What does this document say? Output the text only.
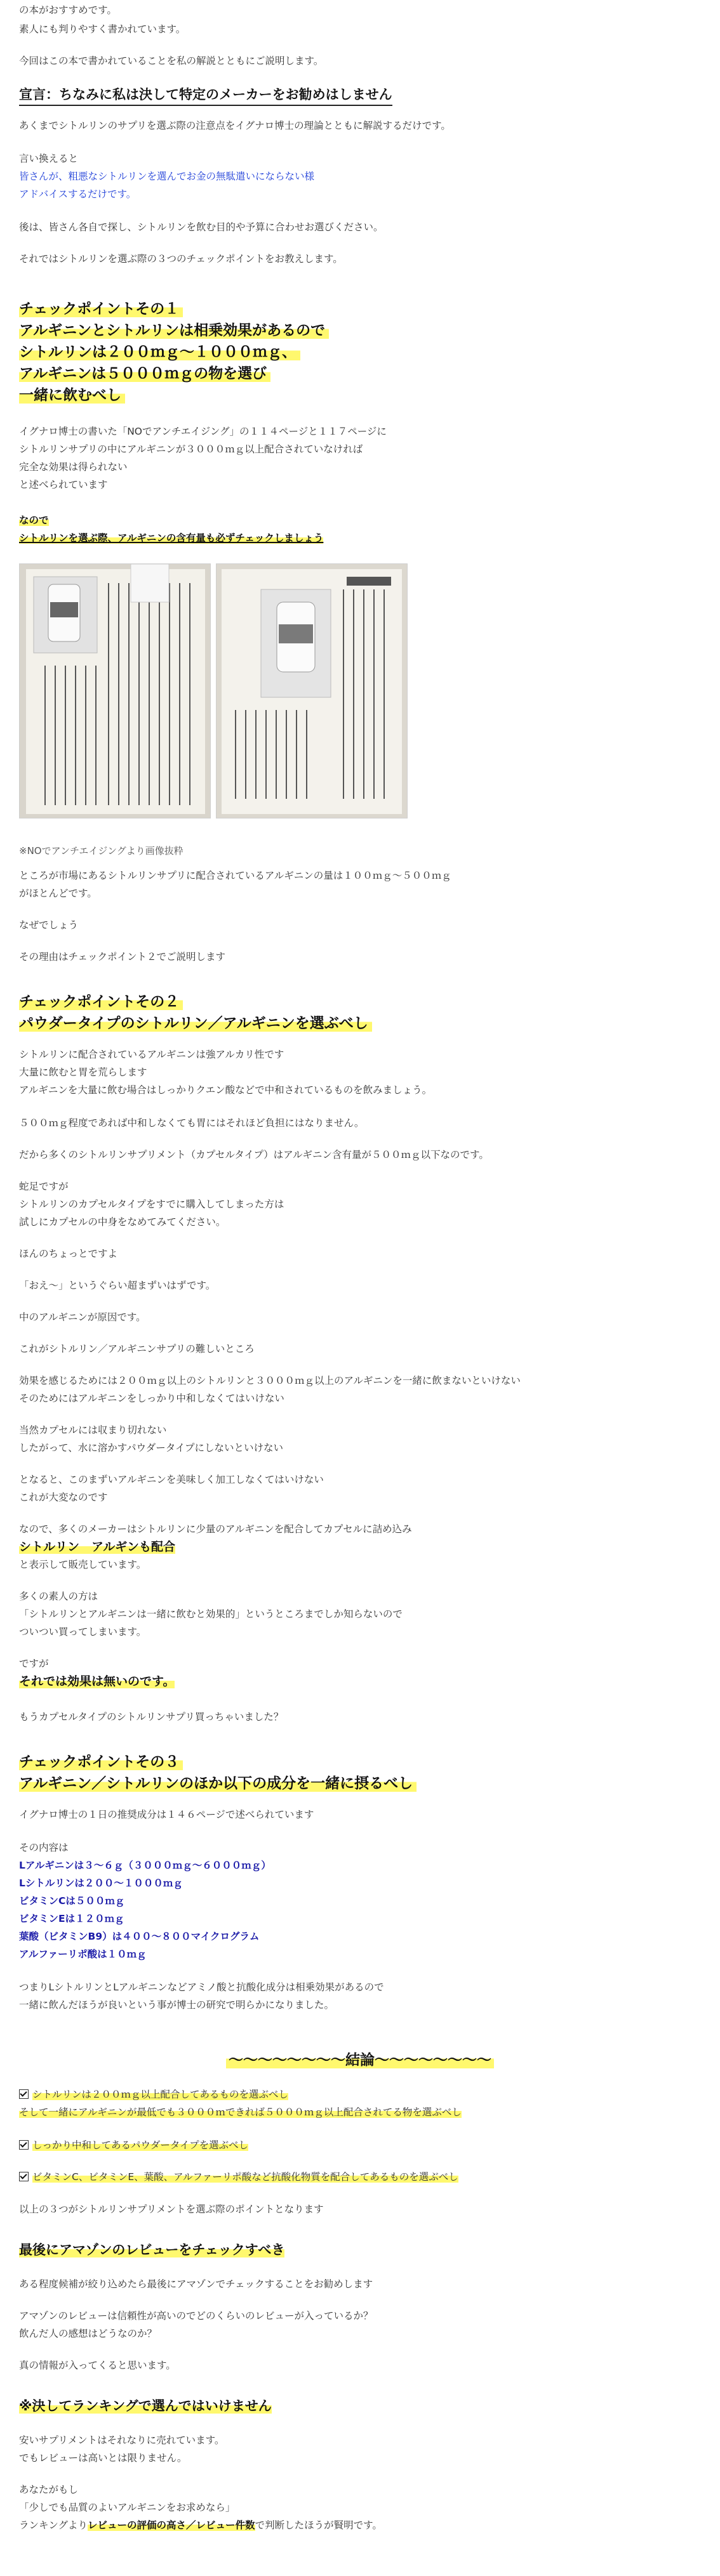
の本がおすすめです。

素人にも判りやすく書かれています。

今回はこの本で書かれていることを私の解説とともにご説明します。

宣言：ちなみに私は決して特定のメーカーをお勧めはしません

あくまでシトルリンのサプリを選ぶ際の注意点をイグナロ博士の理論とともに解説するだけです。

言い換えると

皆さんが、粗悪なシトルリンを選んでお金の無駄遣いにならない様

アドバイスするだけです。

後は、皆さん各自で探し、シトルリンを飲む目的や予算に合わせお選びください。

それではシトルリンを選ぶ際の３つのチェックポイントをお教えします。

チェックポイントその１
アルギニンとシトルリンは相乗効果があるので
シトルリンは２００ｍｇ～１０００ｍｇ、
アルギニンは５０００ｍｇの物を選び
一緒に飲むべし

イグナロ博士の書いた「NOでアンチエイジング」の１１４ページと１１７ページに

シトルリンサプリの中にアルギニンが３０００ｍｇ以上配合されていなければ

完全な効果は得られない

と述べられています

なので

シトルリンを選ぶ際、アルギニンの含有量も必ずチェックしましょう

※NOでアンチエイジングより画像抜粋

ところが市場にあるシトルリンサプリに配合されているアルギニンの量は１００ｍｇ～５００ｍｇ

がほとんどです。

なぜでしょう

その理由はチェックポイント２でご説明します

チェックポイントその２
パウダータイプのシトルリン／アルギニンを選ぶべし

シトルリンに配合されているアルギニンは強アルカリ性です

大量に飲むと胃を荒らします

アルギニンを大量に飲む場合はしっかりクエン酸などで中和されているものを飲みましょう。

５００ｍｇ程度であれば中和しなくても胃にはそれほど負担にはなりません。

だから多くのシトルリンサプリメント（カプセルタイプ）はアルギニン含有量が５００ｍｇ以下なのです。

蛇足ですが

シトルリンのカプセルタイプをすでに購入してしまった方は

試しにカプセルの中身をなめてみてください。

ほんのちょっとですよ

「おえ～」というぐらい超まずいはずです。

中のアルギニンが原因です。

これがシトルリン／アルギニンサプリの難しいところ

効果を感じるためには２００ｍｇ以上のシトルリンと３０００ｍｇ以上のアルギニンを一緒に飲まないといけない

そのためにはアルギニンをしっかり中和しなくてはいけない

当然カプセルには収まり切れない

したがって、水に溶かすパウダータイプにしないといけない

となると、このまずいアルギニンを美味しく加工しなくてはいけない

これが大変なのです

なので、多くのメーカーはシトルリンに少量のアルギニンを配合してカプセルに詰め込み

シトルリン　アルギンも配合

と表示して販売しています。

多くの素人の方は

「シトルリンとアルギニンは一緒に飲むと効果的」というところまでしか知らないので

ついつい買ってしまいます。

ですが

それでは効果は無いのです。

もうカプセルタイプのシトルリンサプリ買っちゃいました？

チェックポイントその３
アルギニン／シトルリンのほか以下の成分を一緒に摂るべし

イグナロ博士の１日の推奨成分は１４６ページで述べられています

その内容は

Lアルギニンは３～６ｇ（３０００ｍｇ～６０００ｍｇ）

Lシトルリンは２００～１０００ｍｇ

ビタミンCは５００ｍｇ

ビタミンEは１２０ｍｇ

葉酸（ビタミンB9）は４００～８００マイクログラム

アルファーリポ酸は１０ｍｇ

つまりLシトルリンとLアルギニンなどアミノ酸と抗酸化成分は相乗効果があるので

一緒に飲んだほうが良いという事が博士の研究で明らかになりました。

～～～～～～～～結論～～～～～～～～
シトルリンは２００ｍｇ以上配合してあるものを選ぶべし
そして一緒にアルギニンが最低でも３０００ｍできれば５０００ｍｇ以上配合されてる物を選ぶべし
しっかり中和してあるパウダータイプを選ぶべし
ビタミンC、ビタミンE、葉酸、アルファーリポ酸など抗酸化物質を配合してあるものを選ぶべし

以上の３つがシトルリンサプリメントを選ぶ際のポイントとなります

最後にアマゾンのレビューをチェックすべき

ある程度候補が絞り込めたら最後にアマゾンでチェックすることをお勧めします

アマゾンのレビューは信頼性が高いのでどのくらいのレビューが入っているか？

飲んだ人の感想はどうなのか？

真の情報が入ってくると思います。

※決してランキングで選んではいけません

安いサプリメントはそれなりに売れています。

でもレビューは高いとは限りません。

あなたがもし

「少しでも品質のよいアルギニンをお求めなら」

ランキングよりレビューの評価の高さ／レビュー件数で判断したほうが賢明です。
